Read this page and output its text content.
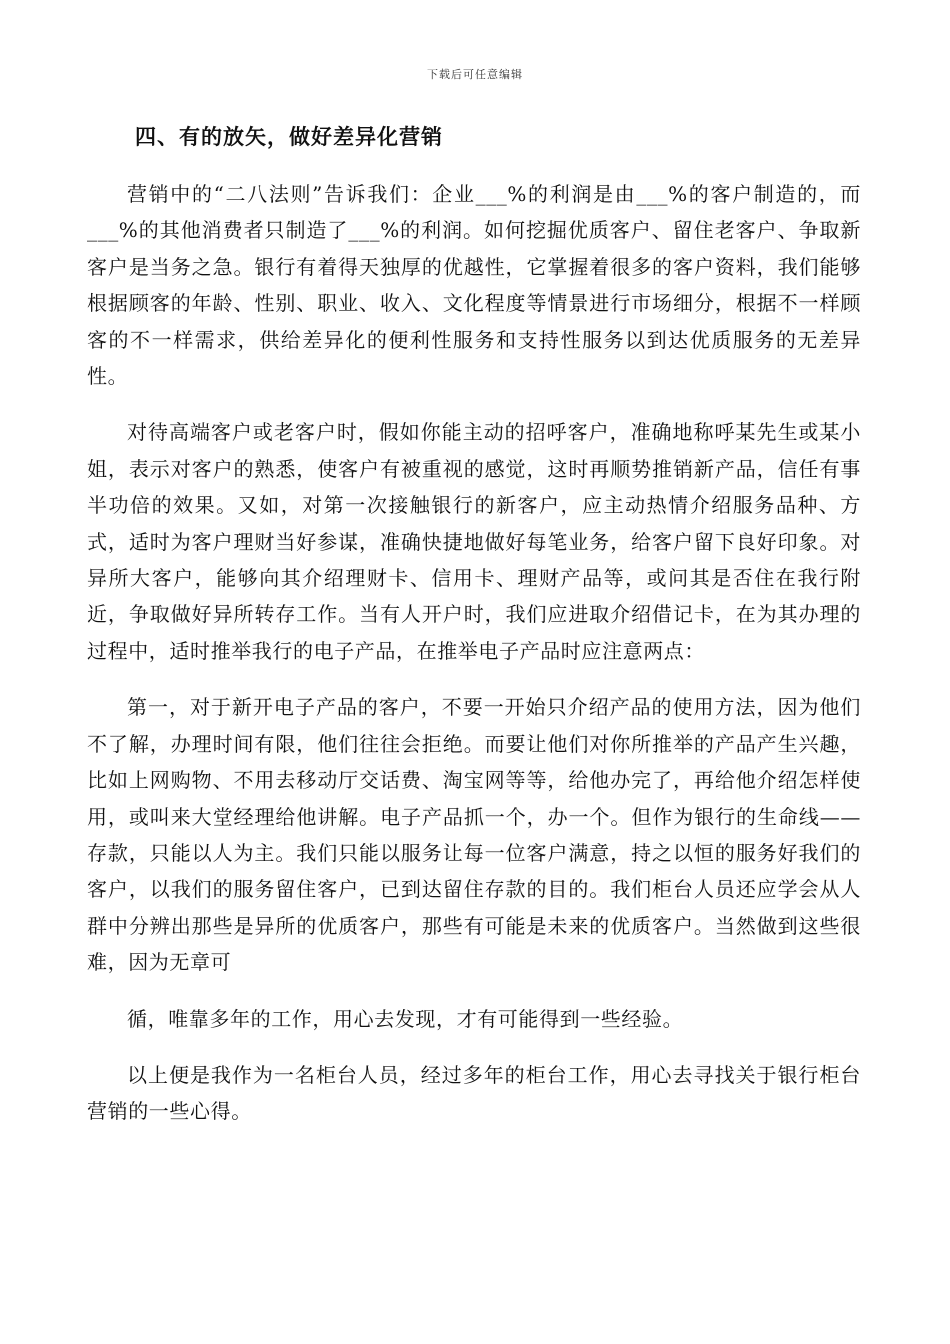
下载后可任意编辑
四、有的放矢，做好差异化营销

营销中的“二八法则”告诉我们：企业___%的利润是由___%的客户制造的，而___%的其他消费者只制造了___%的利润。如何挖掘优质客户、留住老客户、争取新客户是当务之急。银行有着得天独厚的优越性，它掌握着很多的客户资料，我们能够根据顾客的年龄、性别、职业、收入、文化程度等情景进行市场细分，根据不一样顾客的不一样需求，供给差异化的便利性服务和支持性服务以到达优质服务的无差异性。

对待高端客户或老客户时，假如你能主动的招呼客户，准确地称呼某先生或某小姐，表示对客户的熟悉，使客户有被重视的感觉，这时再顺势推销新产品，信任有事半功倍的效果。又如，对第一次接触银行的新客户，应主动热情介绍服务品种、方式，适时为客户理财当好参谋，准确快捷地做好每笔业务，给客户留下良好印象。对异所大客户，能够向其介绍理财卡、信用卡、理财产品等，或问其是否住在我行附近，争取做好异所转存工作。当有人开户时，我们应进取介绍借记卡，在为其办理的过程中，适时推举我行的电子产品，在推举电子产品时应注意两点：

第一，对于新开电子产品的客户，不要一开始只介绍产品的使用方法，因为他们不了解，办理时间有限，他们往往会拒绝。而要让他们对你所推举的产品产生兴趣，比如上网购物、不用去移动厅交话费、淘宝网等等，给他办完了，再给他介绍怎样使用，或叫来大堂经理给他讲解。电子产品抓一个，办一个。但作为银行的生命线——存款，只能以人为主。我们只能以服务让每一位客户满意，持之以恒的服务好我们的客户，以我们的服务留住客户，已到达留住存款的目的。我们柜台人员还应学会从人群中分辨出那些是异所的优质客户，那些有可能是未来的优质客户。当然做到这些很难，因为无章可

循，唯靠多年的工作，用心去发现，才有可能得到一些经验。

以上便是我作为一名柜台人员，经过多年的柜台工作，用心去寻找关于银行柜台营销的一些心得。
